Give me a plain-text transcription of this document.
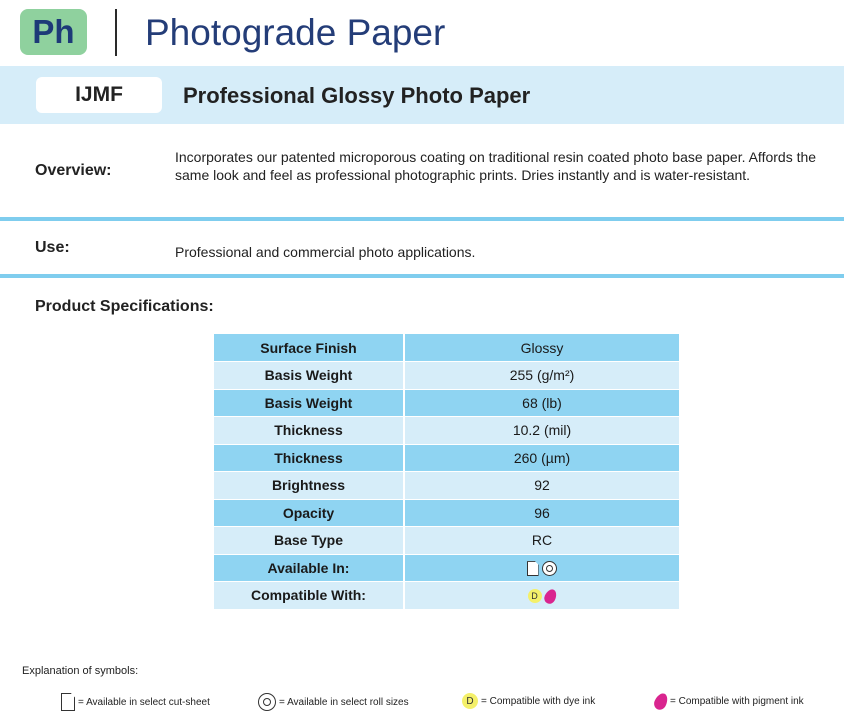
Ph	Photograde Paper
IJMF	Professional Glossy Photo Paper
Overview:
Incorporates our patented microporous coating on traditional resin coated photo base paper. Affords the same look and feel as professional photographic prints. Dries instantly and is water-resistant.
Use:	Professional and commercial photo applications.
Product Specifications:
Surface Finish	Glossy
Basis Weight	255 (g/m²)
Basis Weight	68 (lb)
Thickness	10.2 (mil)
Thickness	260 (µm)
Brightness	92
Opacity	96
Base Type	RC
Available In:	
Compatible With:	D
Explanation of symbols:
= Available in select cut-sheet	= Available in select roll sizes	D = Compatible with dye ink	= Compatible with pigment ink
